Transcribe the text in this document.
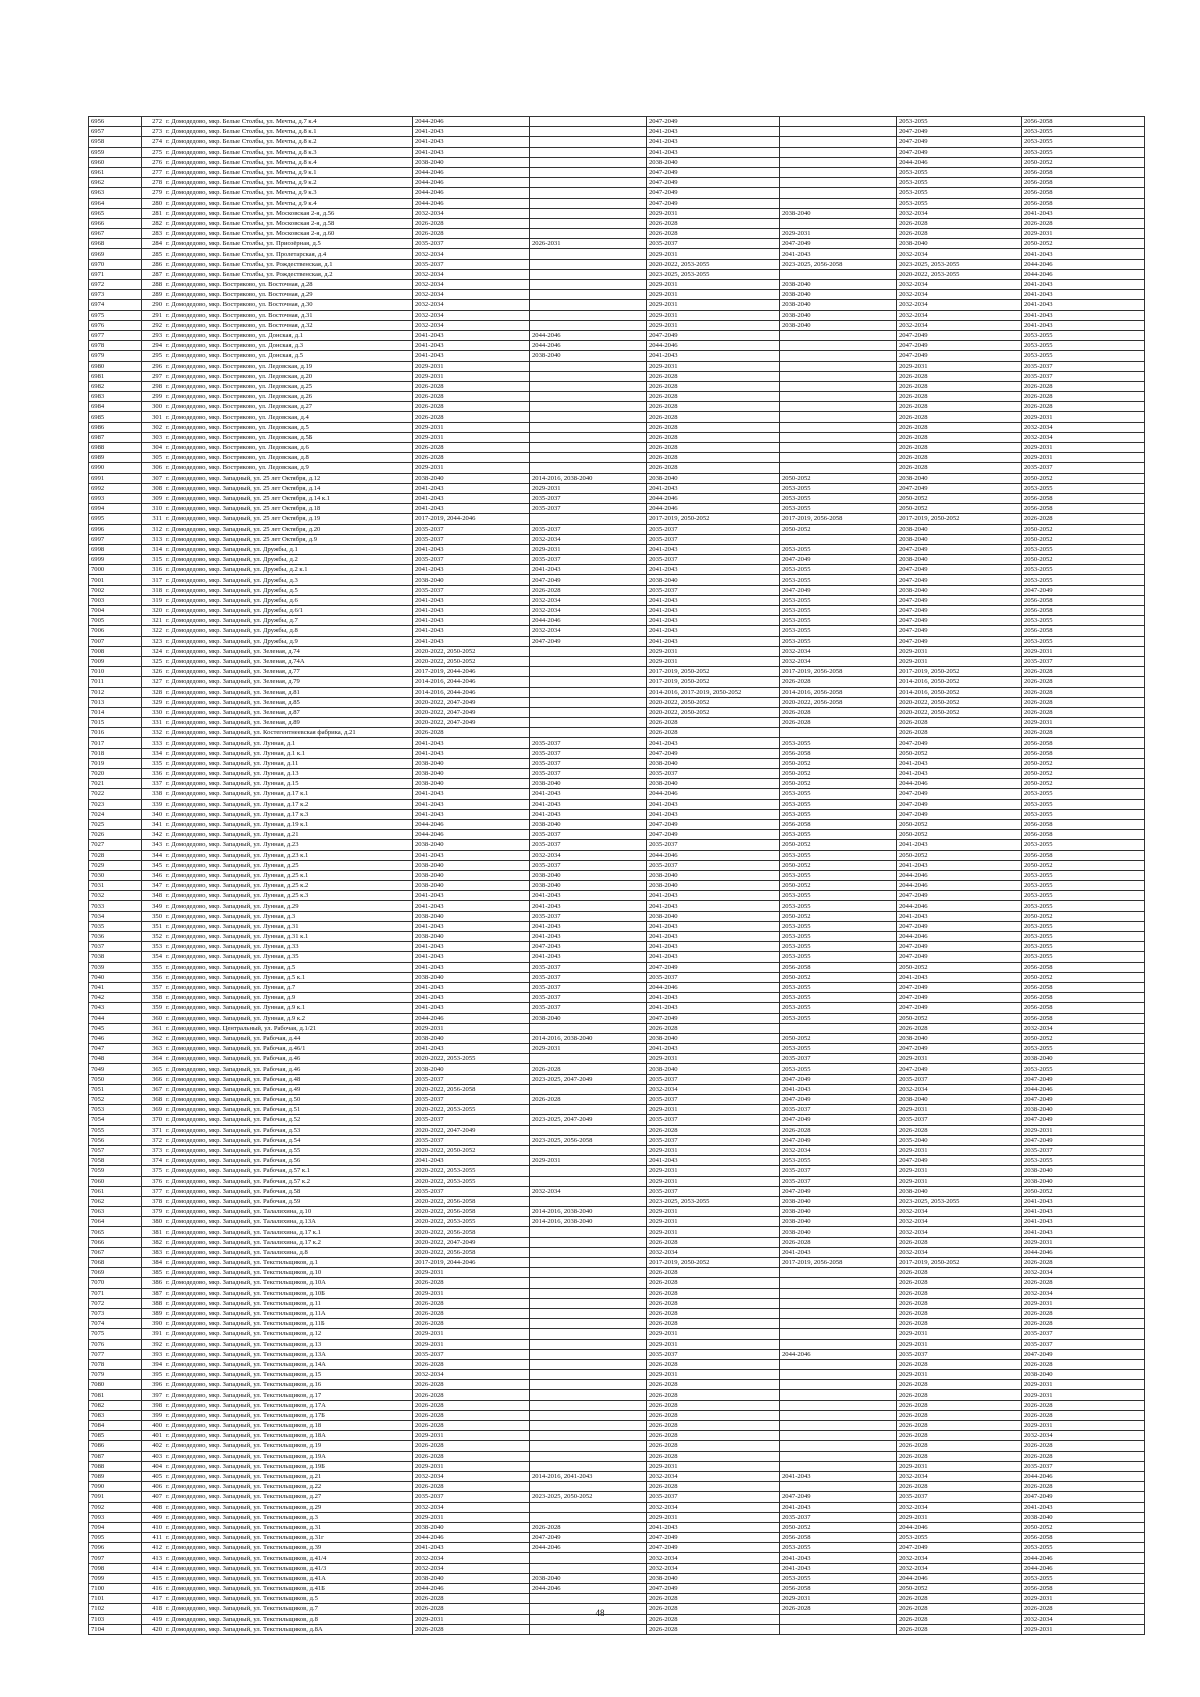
6956	272	г. Домодедово, мкр. Белые Столбы, ул. Мечты, д.7 к.4	2044-2046		2047-2049		2053-2055	2056-2058
6957	273	г. Домодедово, мкр. Белые Столбы, ул. Мечты, д.8 к.1	2041-2043		2041-2043		2047-2049	2053-2055
6958	274	г. Домодедово, мкр. Белые Столбы, ул. Мечты, д.8 к.2	2041-2043		2041-2043		2047-2049	2053-2055
6959	275	г. Домодедово, мкр. Белые Столбы, ул. Мечты, д.8 к.3	2041-2043		2041-2043		2047-2049	2053-2055
6960	276	г. Домодедово, мкр. Белые Столбы, ул. Мечты, д.8 к.4	2038-2040		2038-2040		2044-2046	2050-2052
6961	277	г. Домодедово, мкр. Белые Столбы, ул. Мечты, д.9 к.1	2044-2046		2047-2049		2053-2055	2056-2058
6962	278	г. Домодедово, мкр. Белые Столбы, ул. Мечты, д.9 к.2	2044-2046		2047-2049		2053-2055	2056-2058
6963	279	г. Домодедово, мкр. Белые Столбы, ул. Мечты, д.9 к.3	2044-2046		2047-2049		2053-2055	2056-2058
6964	280	г. Домодедово, мкр. Белые Столбы, ул. Мечты, д.9 к.4	2044-2046		2047-2049		2053-2055	2056-2058
6965	281	г. Домодедово, мкр. Белые Столбы, ул. Московская 2-я, д.56	2032-2034		2029-2031	2038-2040	2032-2034	2041-2043
6966	282	г. Домодедово, мкр. Белые Столбы, ул. Московская 2-я, д.58	2026-2028		2026-2028		2026-2028	2026-2028
6967	283	г. Домодедово, мкр. Белые Столбы, ул. Московская 2-я, д.60	2026-2028		2026-2028	2029-2031	2026-2028	2029-2031
6968	284	г. Домодедово, мкр. Белые Столбы, ул. Приозёрная, д.5	2035-2037	2026-2031	2035-2037	2047-2049	2038-2040	2050-2052
6969	285	г. Домодедово, мкр. Белые Столбы, ул. Пролетарская, д.4	2032-2034		2029-2031	2041-2043	2032-2034	2041-2043
6970	286	г. Домодедово, мкр. Белые Столбы, ул. Рождественская, д.1	2035-2037		2020-2022, 2053-2055	2023-2025, 2056-2058	2023-2025, 2053-2055	2044-2046
6971	287	г. Домодедово, мкр. Белые Столбы, ул. Рождественская, д.2	2032-2034		2023-2025, 2053-2055		2020-2022, 2053-2055	2044-2046
6972	288	г. Домодедово, мкр. Востряково, ул. Восточная, д.28	2032-2034		2029-2031	2038-2040	2032-2034	2041-2043
6973	289	г. Домодедово, мкр. Востряково, ул. Восточная, д.29	2032-2034		2029-2031	2038-2040	2032-2034	2041-2043
6974	290	г. Домодедово, мкр. Востряково, ул. Восточная, д.30	2032-2034		2029-2031	2038-2040	2032-2034	2041-2043
6975	291	г. Домодедово, мкр. Востряково, ул. Восточная, д.31	2032-2034		2029-2031	2038-2040	2032-2034	2041-2043
6976	292	г. Домодедово, мкр. Востряково, ул. Восточная, д.32	2032-2034		2029-2031	2038-2040	2032-2034	2041-2043
6977	293	г. Домодедово, мкр. Востряково, ул. Донская, д.1	2041-2043	2044-2046	2047-2049		2047-2049	2053-2055
6978	294	г. Домодедово, мкр. Востряково, ул. Донская, д.3	2041-2043	2044-2046	2044-2046		2047-2049	2053-2055
6979	295	г. Домодедово, мкр. Востряково, ул. Донская, д.5	2041-2043	2038-2040	2041-2043		2047-2049	2053-2055
6980	296	г. Домодедово, мкр. Востряково, ул. Ледовская, д.19	2029-2031		2029-2031		2029-2031	2035-2037
6981	297	г. Домодедово, мкр. Востряково, ул. Ледовская, д.20	2029-2031		2026-2028		2026-2028	2035-2037
6982	298	г. Домодедово, мкр. Востряково, ул. Ледовская, д.25	2026-2028		2026-2028		2026-2028	2026-2028
6983	299	г. Домодедово, мкр. Востряково, ул. Ледовская, д.26	2026-2028		2026-2028		2026-2028	2026-2028
6984	300	г. Домодедово, мкр. Востряково, ул. Ледовская, д.27	2026-2028		2026-2028		2026-2028	2026-2028
6985	301	г. Домодедово, мкр. Востряково, ул. Ледовская, д.4	2026-2028		2026-2028		2026-2028	2029-2031
6986	302	г. Домодедово, мкр. Востряково, ул. Ледовская, д.5	2029-2031		2026-2028		2026-2028	2032-2034
6987	303	г. Домодедово, мкр. Востряково, ул. Ледовская, д.5Б	2029-2031		2026-2028		2026-2028	2032-2034
6988	304	г. Домодедово, мкр. Востряково, ул. Ледовская, д.6	2026-2028		2026-2028		2026-2028	2029-2031
6989	305	г. Домодедово, мкр. Востряково, ул. Ледовская, д.8	2026-2028		2026-2028		2026-2028	2029-2031
6990	306	г. Домодедово, мкр. Востряково, ул. Ледовская, д.9	2029-2031		2026-2028		2026-2028	2035-2037
6991	307	г. Домодедово, мкр. Западный, ул. 25 лет Октября, д.12	2038-2040	2014-2016, 2038-2040	2038-2040	2050-2052	2038-2040	2050-2052
6992	308	г. Домодедово, мкр. Западный, ул. 25 лет Октября, д.14	2041-2043	2029-2031	2041-2043	2053-2055	2047-2049	2053-2055
6993	309	г. Домодедово, мкр. Западный, ул. 25 лет Октября, д.14 к.1	2041-2043	2035-2037	2044-2046	2053-2055	2050-2052	2056-2058
6994	310	г. Домодедово, мкр. Западный, ул. 25 лет Октября, д.18	2041-2043	2035-2037	2044-2046	2053-2055	2050-2052	2056-2058
6995	311	г. Домодедово, мкр. Западный, ул. 25 лет Октября, д.19	2017-2019, 2044-2046		2017-2019, 2050-2052	2017-2019, 2056-2058	2017-2019, 2050-2052	2026-2028
6996	312	г. Домодедово, мкр. Западный, ул. 25 лет Октября, д.20	2035-2037	2035-2037	2035-2037	2050-2052	2038-2040	2050-2052
6997	313	г. Домодедово, мкр. Западный, ул. 25 лет Октября, д.9	2035-2037	2032-2034	2035-2037		2038-2040	2050-2052
6998	314	г. Домодедово, мкр. Западный, ул. Дружбы, д.1	2041-2043	2029-2031	2041-2043	2053-2055	2047-2049	2053-2055
6999	315	г. Домодедово, мкр. Западный, ул. Дружбы, д.2	2035-2037	2035-2037	2035-2037	2047-2049	2038-2040	2050-2052
7000	316	г. Домодедово, мкр. Западный, ул. Дружбы, д.2 к.1	2041-2043	2041-2043	2041-2043	2053-2055	2047-2049	2053-2055
7001	317	г. Домодедово, мкр. Западный, ул. Дружбы, д.3	2038-2040	2047-2049	2038-2040	2053-2055	2047-2049	2053-2055
7002	318	г. Домодедово, мкр. Западный, ул. Дружбы, д.5	2035-2037	2026-2028	2035-2037	2047-2049	2038-2040	2047-2049
7003	319	г. Домодедово, мкр. Западный, ул. Дружбы, д.6	2041-2043	2032-2034	2041-2043	2053-2055	2047-2049	2056-2058
7004	320	г. Домодедово, мкр. Западный, ул. Дружбы, д.6/1	2041-2043	2032-2034	2041-2043	2053-2055	2047-2049	2056-2058
7005	321	г. Домодедово, мкр. Западный, ул. Дружбы, д.7	2041-2043	2044-2046	2041-2043	2053-2055	2047-2049	2053-2055
7006	322	г. Домодедово, мкр. Западный, ул. Дружбы, д.8	2041-2043	2032-2034	2041-2043	2053-2055	2047-2049	2056-2058
7007	323	г. Домодедово, мкр. Западный, ул. Дружбы, д.9	2041-2043	2047-2049	2041-2043	2053-2055	2047-2049	2053-2055
7008	324	г. Домодедово, мкр. Западный, ул. Зеленая, д.74	2020-2022, 2050-2052		2029-2031	2032-2034	2029-2031	2029-2031
7009	325	г. Домодедово, мкр. Западный, ул. Зеленая, д.74А	2020-2022, 2050-2052		2029-2031	2032-2034	2029-2031	2035-2037
7010	326	г. Домодедово, мкр. Западный, ул. Зеленая, д.77	2017-2019, 2044-2046		2017-2019, 2050-2052	2017-2019, 2056-2058	2017-2019, 2050-2052	2026-2028
7011	327	г. Домодедово, мкр. Западный, ул. Зеленая, д.79	2014-2016, 2044-2046		2017-2019, 2050-2052	2026-2028	2014-2016, 2050-2052	2026-2028
7012	328	г. Домодедово, мкр. Западный, ул. Зеленая, д.81	2014-2016, 2044-2046		2014-2016, 2017-2019, 2050-2052	2014-2016, 2056-2058	2014-2016, 2050-2052	2026-2028
7013	329	г. Домодедово, мкр. Западный, ул. Зеленая, д.85	2020-2022, 2047-2049		2020-2022, 2050-2052	2020-2022, 2056-2058	2020-2022, 2050-2052	2026-2028
7014	330	г. Домодедово, мкр. Западный, ул. Зеленая, д.87	2020-2022, 2047-2049		2020-2022, 2050-2052	2026-2028	2020-2022, 2050-2052	2026-2028
7015	331	г. Домодедово, мкр. Западный, ул. Зеленая, д.89	2020-2022, 2047-2049		2026-2028	2026-2028	2026-2028	2029-2031
7016	332	г. Домодедово, мкр. Западный, ул. Костегентнеевская фабрика, д.21	2026-2028		2026-2028		2026-2028	2026-2028
7017	333	г. Домодедово, мкр. Западный, ул. Лунная, д.1	2041-2043	2035-2037	2041-2043	2053-2055	2047-2049	2056-2058
7018	334	г. Домодедово, мкр. Западный, ул. Лунная, д.1 к.1	2041-2043	2035-2037	2047-2049	2056-2058	2050-2052	2056-2058
7019	335	г. Домодедово, мкр. Западный, ул. Лунная, д.11	2038-2040	2035-2037	2038-2040	2050-2052	2041-2043	2050-2052
7020	336	г. Домодедово, мкр. Западный, ул. Лунная, д.13	2038-2040	2035-2037	2035-2037	2050-2052	2041-2043	2050-2052
7021	337	г. Домодедово, мкр. Западный, ул. Лунная, д.15	2038-2040	2038-2040	2038-2040	2050-2052	2044-2046	2050-2052
7022	338	г. Домодедово, мкр. Западный, ул. Лунная, д.17 к.1	2041-2043	2041-2043	2044-2046	2053-2055	2047-2049	2053-2055
7023	339	г. Домодедово, мкр. Западный, ул. Лунная, д.17 к.2	2041-2043	2041-2043	2041-2043	2053-2055	2047-2049	2053-2055
7024	340	г. Домодедово, мкр. Западный, ул. Лунная, д.17 к.3	2041-2043	2041-2043	2041-2043	2053-2055	2047-2049	2053-2055
7025	341	г. Домодедово, мкр. Западный, ул. Лунная, д.19 к.1	2044-2046	2038-2040	2047-2049	2056-2058	2050-2052	2056-2058
7026	342	г. Домодедово, мкр. Западный, ул. Лунная, д.21	2044-2046	2035-2037	2047-2049	2053-2055	2050-2052	2056-2058
7027	343	г. Домодедово, мкр. Западный, ул. Лунная, д.23	2038-2040	2035-2037	2035-2037	2050-2052	2041-2043	2053-2055
7028	344	г. Домодедово, мкр. Западный, ул. Лунная, д.23 к.1	2041-2043	2032-2034	2044-2046	2053-2055	2050-2052	2056-2058
7029	345	г. Домодедово, мкр. Западный, ул. Лунная, д.25	2038-2040	2035-2037	2035-2037	2050-2052	2041-2043	2050-2052
7030	346	г. Домодедово, мкр. Западный, ул. Лунная, д.25 к.1	2038-2040	2038-2040	2038-2040	2053-2055	2044-2046	2053-2055
7031	347	г. Домодедово, мкр. Западный, ул. Лунная, д.25 к.2	2038-2040	2038-2040	2038-2040	2050-2052	2044-2046	2053-2055
7032	348	г. Домодедово, мкр. Западный, ул. Лунная, д.25 к.3	2041-2043	2041-2043	2041-2043	2053-2055	2047-2049	2053-2055
7033	349	г. Домодедово, мкр. Западный, ул. Лунная, д.29	2041-2043	2041-2043	2041-2043	2053-2055	2044-2046	2053-2055
7034	350	г. Домодедово, мкр. Западный, ул. Лунная, д.3	2038-2040	2035-2037	2038-2040	2050-2052	2041-2043	2050-2052
7035	351	г. Домодедово, мкр. Западный, ул. Лунная, д.31	2041-2043	2041-2043	2041-2043	2053-2055	2047-2049	2053-2055
7036	352	г. Домодедово, мкр. Западный, ул. Лунная, д.31 к.1	2038-2040	2041-2043	2041-2043	2053-2055	2044-2046	2053-2055
7037	353	г. Домодедово, мкр. Западный, ул. Лунная, д.33	2041-2043	2047-2043	2041-2043	2053-2055	2047-2049	2053-2055
7038	354	г. Домодедово, мкр. Западный, ул. Лунная, д.35	2041-2043	2041-2043	2041-2043	2053-2055	2047-2049	2053-2055
7039	355	г. Домодедово, мкр. Западный, ул. Лунная, д.5	2041-2043	2035-2037	2047-2049	2056-2058	2050-2052	2056-2058
7040	356	г. Домодедово, мкр. Западный, ул. Лунная, д.5 к.1	2038-2040	2035-2037	2035-2037	2050-2052	2041-2043	2050-2052
7041	357	г. Домодедово, мкр. Западный, ул. Лунная, д.7	2041-2043	2035-2037	2044-2046	2053-2055	2047-2049	2056-2058
7042	358	г. Домодедово, мкр. Западный, ул. Лунная, д.9	2041-2043	2035-2037	2041-2043	2053-2055	2047-2049	2056-2058
7043	359	г. Домодедово, мкр. Западный, ул. Лунная, д.9 к.1	2041-2043	2035-2037	2041-2043	2053-2055	2047-2049	2056-2058
7044	360	г. Домодедово, мкр. Западный, ул. Лунная, д.9 к.2	2044-2046	2038-2040	2047-2049	2053-2055	2050-2052	2056-2058
7045	361	г. Домодедово, мкр. Центральный, ул. Рабочая, д.1/21	2029-2031		2026-2028		2026-2028	2032-2034
7046	362	г. Домодедово, мкр. Западный, ул. Рабочая, д.44	2038-2040	2014-2016, 2038-2040	2038-2040	2050-2052	2038-2040	2050-2052
7047	363	г. Домодедово, мкр. Западный, ул. Рабочая, д.46/1	2041-2043	2029-2031	2041-2043	2053-2055	2047-2049	2053-2055
7048	364	г. Домодедово, мкр. Западный, ул. Рабочая, д.46	2020-2022, 2053-2055		2029-2031	2035-2037	2029-2031	2038-2040
7049	365	г. Домодедово, мкр. Западный, ул. Рабочая, д.46	2038-2040	2026-2028	2038-2040	2053-2055	2047-2049	2053-2055
7050	366	г. Домодедово, мкр. Западный, ул. Рабочая, д.48	2035-2037	2023-2025, 2047-2049	2035-2037	2047-2049	2035-2037	2047-2049
7051	367	г. Домодедово, мкр. Западный, ул. Рабочая, д.49	2020-2022, 2056-2058		2032-2034	2041-2043	2032-2034	2044-2046
7052	368	г. Домодедово, мкр. Западный, ул. Рабочая, д.50	2035-2037	2026-2028	2035-2037	2047-2049	2038-2040	2047-2049
7053	369	г. Домодедово, мкр. Западный, ул. Рабочая, д.51	2020-2022, 2053-2055		2029-2031	2035-2037	2029-2031	2038-2040
7054	370	г. Домодедово, мкр. Западный, ул. Рабочая, д.52	2035-2037	2023-2025, 2047-2049	2035-2037	2047-2049	2035-2037	2047-2049
7055	371	г. Домодедово, мкр. Западный, ул. Рабочая, д.53	2020-2022, 2047-2049		2026-2028	2026-2028	2026-2028	2029-2031
7056	372	г. Домодедово, мкр. Западный, ул. Рабочая, д.54	2035-2037	2023-2025, 2056-2058	2035-2037	2047-2049	2035-2040	2047-2049
7057	373	г. Домодедово, мкр. Западный, ул. Рабочая, д.55	2020-2022, 2050-2052		2029-2031	2032-2034	2029-2031	2035-2037
7058	374	г. Домодедово, мкр. Западный, ул. Рабочая, д.56	2041-2043	2029-2031	2041-2043	2053-2055	2047-2049	2053-2055
7059	375	г. Домодедово, мкр. Западный, ул. Рабочая, д.57 к.1	2020-2022, 2053-2055		2029-2031	2035-2037	2029-2031	2038-2040
7060	376	г. Домодедово, мкр. Западный, ул. Рабочая, д.57 к.2	2020-2022, 2053-2055		2029-2031	2035-2037	2029-2031	2038-2040
7061	377	г. Домодедово, мкр. Западный, ул. Рабочая, д.58	2035-2037	2032-2034	2035-2037	2047-2049	2038-2040	2050-2052
7062	378	г. Домодедово, мкр. Западный, ул. Рабочая, д.59	2020-2022, 2056-2058		2023-2025, 2053-2055	2038-2040	2023-2025, 2053-2055	2041-2043
7063	379	г. Домодедово, мкр. Западный, ул. Талалихина, д.10	2020-2022, 2056-2058	2014-2016, 2038-2040	2029-2031	2038-2040	2032-2034	2041-2043
7064	380	г. Домодедово, мкр. Западный, ул. Талалихина, д.13А	2020-2022, 2053-2055	2014-2016, 2038-2040	2029-2031	2038-2040	2032-2034	2041-2043
7065	381	г. Домодедово, мкр. Западный, ул. Талалихина, д.17 к.1	2020-2022, 2056-2058		2029-2031	2038-2040	2032-2034	2041-2043
7066	382	г. Домодедово, мкр. Западный, ул. Талалихина, д.17 к.2	2020-2022, 2047-2049		2026-2028	2026-2028	2026-2028	2029-2031
7067	383	г. Домодедово, мкр. Западный, ул. Талалихина, д.8	2020-2022, 2056-2058		2032-2034	2041-2043	2032-2034	2044-2046
7068	384	г. Домодедово, мкр. Западный, ул. Текстильщиков, д.1	2017-2019, 2044-2046		2017-2019, 2050-2052	2017-2019, 2056-2058	2017-2019, 2050-2052	2026-2028
7069	385	г. Домодедово, мкр. Западный, ул. Текстильщиков, д.10	2029-2031		2026-2028		2026-2028	2032-2034
7070	386	г. Домодедово, мкр. Западный, ул. Текстильщиков, д.10А	2026-2028		2026-2028		2026-2028	2026-2028
7071	387	г. Домодедово, мкр. Западный, ул. Текстильщиков, д.10Б	2029-2031		2026-2028		2026-2028	2032-2034
7072	388	г. Домодедово, мкр. Западный, ул. Текстильщиков, д.11	2026-2028		2026-2028		2026-2028	2029-2031
7073	389	г. Домодедово, мкр. Западный, ул. Текстильщиков, д.11А	2026-2028		2026-2028		2026-2028	2026-2028
7074	390	г. Домодедово, мкр. Западный, ул. Текстильщиков, д.11Б	2026-2028		2026-2028		2026-2028	2026-2028
7075	391	г. Домодедово, мкр. Западный, ул. Текстильщиков, д.12	2029-2031		2029-2031		2029-2031	2035-2037
7076	392	г. Домодедово, мкр. Западный, ул. Текстильщиков, д.13	2029-2031		2029-2031		2029-2031	2035-2037
7077	393	г. Домодедово, мкр. Западный, ул. Текстильщиков, д.13А	2035-2037		2035-2037	2044-2046	2035-2037	2047-2049
7078	394	г. Домодедово, мкр. Западный, ул. Текстильщиков, д.14А	2026-2028		2026-2028		2026-2028	2026-2028
7079	395	г. Домодедово, мкр. Западный, ул. Текстильщиков, д.15	2032-2034		2029-2031		2029-2031	2038-2040
7080	396	г. Домодедово, мкр. Западный, ул. Текстильщиков, д.16	2026-2028		2026-2028		2026-2028	2029-2031
7081	397	г. Домодедово, мкр. Западный, ул. Текстильщиков, д.17	2026-2028		2026-2028		2026-2028	2029-2031
7082	398	г. Домодедово, мкр. Западный, ул. Текстильщиков, д.17А	2026-2028		2026-2028		2026-2028	2026-2028
7083	399	г. Домодедово, мкр. Западный, ул. Текстильщиков, д.17Б	2026-2028		2026-2028		2026-2028	2026-2028
7084	400	г. Домодедово, мкр. Западный, ул. Текстильщиков, д.18	2026-2028		2026-2028		2026-2028	2029-2031
7085	401	г. Домодедово, мкр. Западный, ул. Текстильщиков, д.18А	2029-2031		2026-2028		2026-2028	2032-2034
7086	402	г. Домодедово, мкр. Западный, ул. Текстильщиков, д.19	2026-2028		2026-2028		2026-2028	2026-2028
7087	403	г. Домодедово, мкр. Западный, ул. Текстильщиков, д.19А	2026-2028		2026-2028		2026-2028	2026-2028
7088	404	г. Домодедово, мкр. Западный, ул. Текстильщиков, д.19Б	2029-2031		2029-2031		2029-2031	2035-2037
7089	405	г. Домодедово, мкр. Западный, ул. Текстильщиков, д.21	2032-2034	2014-2016, 2041-2043	2032-2034	2041-2043	2032-2034	2044-2046
7090	406	г. Домодедово, мкр. Западный, ул. Текстильщиков, д.22	2026-2028		2026-2028		2026-2028	2026-2028
7091	407	г. Домодедово, мкр. Западный, ул. Текстильщиков, д.27	2035-2037	2023-2025, 2050-2052	2035-2037	2047-2049	2035-2037	2047-2049
7092	408	г. Домодедово, мкр. Западный, ул. Текстильщиков, д.29	2032-2034		2032-2034	2041-2043	2032-2034	2041-2043
7093	409	г. Домодедово, мкр. Западный, ул. Текстильщиков, д.3	2029-2031		2029-2031	2035-2037	2029-2031	2038-2040
7094	410	г. Домодедово, мкр. Западный, ул. Текстильщиков, д.31	2038-2040	2026-2028	2041-2043	2050-2052	2044-2046	2050-2052
7095	411	г. Домодедово, мкр. Западный, ул. Текстильщиков, д.31г	2044-2046	2047-2049	2047-2049	2056-2058	2053-2055	2056-2058
7096	412	г. Домодедово, мкр. Западный, ул. Текстильщиков, д.39	2041-2043	2044-2046	2047-2049	2053-2055	2047-2049	2053-2055
7097	413	г. Домодедово, мкр. Западный, ул. Текстильщиков, д.41/4	2032-2034		2032-2034	2041-2043	2032-2034	2044-2046
7098	414	г. Домодедово, мкр. Западный, ул. Текстильщиков, д.41/3	2032-2034		2032-2034	2041-2043	2032-2034	2044-2046
7099	415	г. Домодедово, мкр. Западный, ул. Текстильщиков, д.41А	2038-2040	2038-2040	2038-2040	2053-2055	2044-2046	2053-2055
7100	416	г. Домодедово, мкр. Западный, ул. Текстильщиков, д.41Б	2044-2046	2044-2046	2047-2049	2056-2058	2050-2052	2056-2058
7101	417	г. Домодедово, мкр. Западный, ул. Текстильщиков, д.5	2026-2028		2026-2028	2029-2031	2026-2028	2029-2031
7102	418	г. Домодедово, мкр. Западный, ул. Текстильщиков, д.7	2026-2028		2026-2028	2026-2028	2026-2028	2026-2028
7103	419	г. Домодедово, мкр. Западный, ул. Текстильщиков, д.8	2029-2031		2026-2028		2026-2028	2032-2034
7104	420	г. Домодедово, мкр. Западный, ул. Текстильщиков, д.8А	2026-2028		2026-2028		2026-2028	2029-2031
48
